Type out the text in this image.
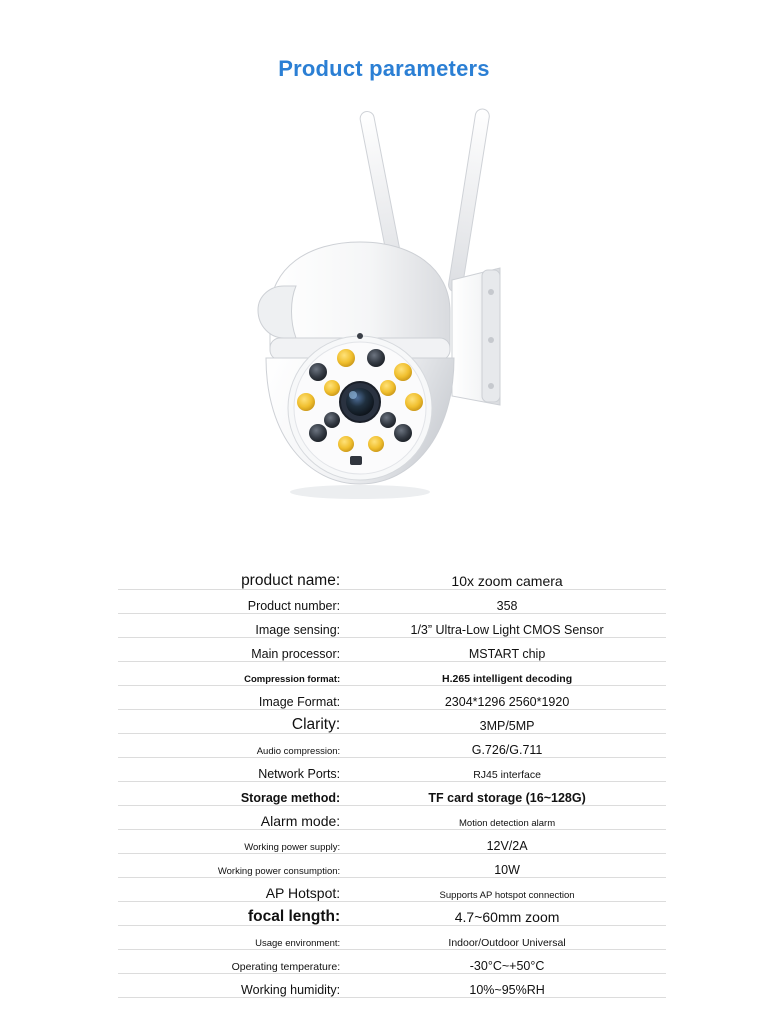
Product parameters
product name:	10x zoom camera
Product number:	358
Image sensing:	1/3” Ultra-Low Light CMOS Sensor
Main processor:	MSTART chip
Compression format:	H.265 intelligent decoding
Image Format:	2304*1296 2560*1920
Clarity:	3MP/5MP
Audio compression:	G.726/G.711
Network Ports:	RJ45 interface
Storage method:	TF card storage (16~128G)
Alarm mode:	Motion detection alarm
Working power supply:	12V/2A
Working power consumption:	10W
AP Hotspot:	Supports AP hotspot connection
focal length:	4.7~60mm zoom
Usage environment:	Indoor/Outdoor Universal
Operating temperature:	-30°C~+50°C
Working humidity:	10%~95%RH
